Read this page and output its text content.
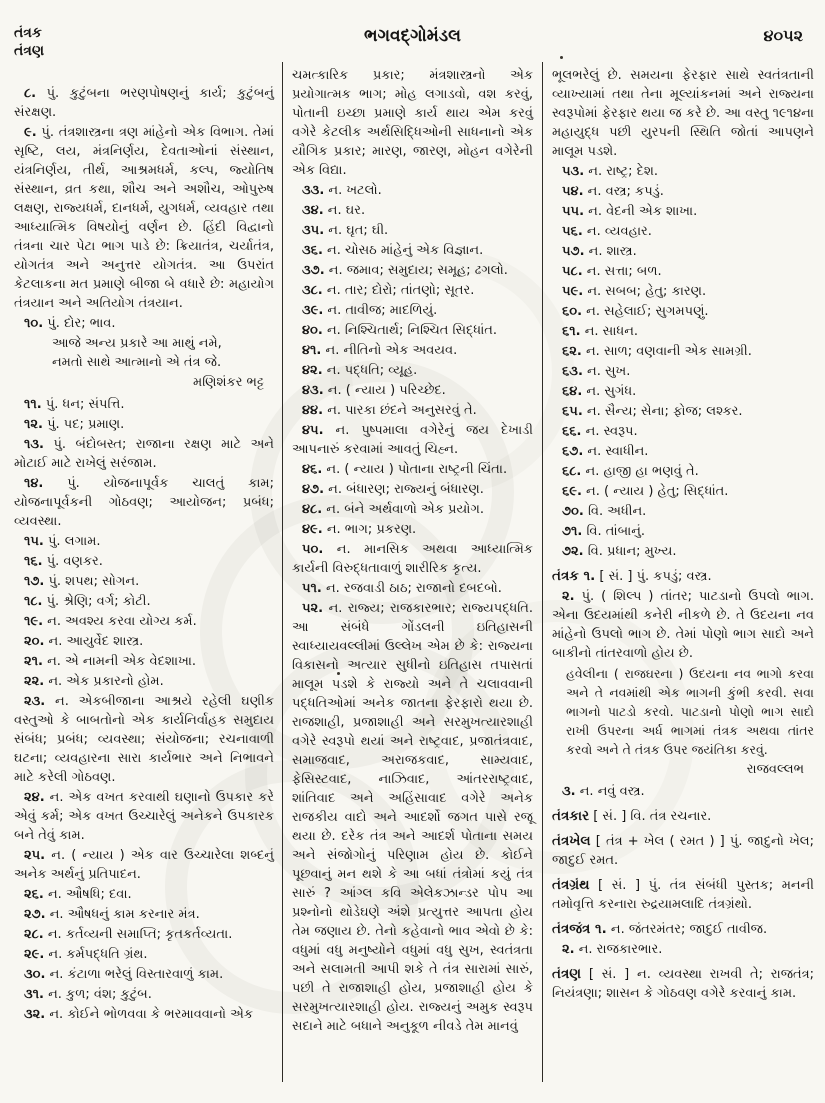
તંત્રક
તંત્રણ
ભગવદ્ગોમંડલ	૪૦૫૨

૮. પું. કુટુંબના ભરણપોષણનું કાર્ય; કુટુંબનું સંરક્ષણ.

૯. પું. તંત્રશાસ્ત્રના ત્રણ માંહેનો એક વિભાગ. તેમાં સૃષ્ટિ, લય, મંત્રનિર્ણય, દેવતાઓનાં સંસ્થાન, યંત્રનિર્ણય, તીર્થ, આશ્રમધર્મ, કલ્પ, જ્યોતિષ સંસ્થાન, વ્રત કથા, શૌચ અને અશૌચ, ઓપુરુષ લક્ષણ, રાજ્યધર્મ, દાનધર્મ, યુગધર્મ, વ્યવહાર તથા આધ્યાત્મિક વિષયોનું વર્ણન છે. હિંદી વિદ્વાનો તંત્રના ચાર પેટા ભાગ પાડે છે: ક્રિયાતંત્ર, ચર્યાતંત્ર, યોગતંત્ર અને અનુત્તર યોગતંત્ર. આ ઉપરાંત કેટલાકના મત પ્રમાણે બીજા બે વધારે છે: મહાયોગ તંત્રયાન અને અતિયોગ તંત્રયાન.

૧૦. પું. દોર; ભાવ.

આજે અન્ય પ્રકારે આ માથું નમે,
નમતો સાથે આત્માનો એ તંત્ર જે.

મણિશંકર ભટ્ટ

૧૧. પું. ધન; સંપત્તિ.

૧૨. પું. પદ; પ્રમાણ.

૧૩. પું. બંદોબસ્ત; રાજાના રક્ષણ માટે અને મોટાઈ માટે રાખેલું સરંજામ.

૧૪. પું. યોજનાપૂર્વક ચાલતું કામ; યોજનાપૂર્વકની ગોઠવણ; આયોજન; પ્રબંધ; વ્યવસ્થા.

૧૫. પું. લગામ.

૧૬. પું. વણકર.

૧૭. પું. શપથ; સોગન.

૧૮. પું. શ્રેણિ; વર્ગ; કોટી.

૧૯. ન. અવશ્ય કરવા યોગ્ય કર્મ.

૨૦. ન. આયુર્વેદ શાસ્ત્ર.

૨૧. ન. એ નામની એક વેદશાખા.

૨૨. ન. એક પ્રકારનો હોમ.

૨૩. ન. એકબીજાના આશ્રયે રહેલી ઘણીક વસ્તુઓ કે બાબતોનો એક કાર્યનિર્વાહક સમુદાય સંબંધ; પ્રબંધ; વ્યવસ્થા; સંયોજના; રચનાવાળી ઘટના; વ્યવહારના સારા કાર્યભાર અને નિભાવને માટે કરેલી ગોઠવણ.

૨૪. ન. એક વખત કરવાથી ઘણાનો ઉપકાર કરે એવું કર્મ; એક વખત ઉચ્ચારેલું અનેકને ઉપકારક બને તેવું કામ.

૨૫. ન. ( ન્યાય ) એક વાર ઉચ્ચારેલા શબ્દનું અનેક અર્થનું પ્રતિપાદન.

૨૬. ન. ઔષધિ; દવા.

૨૭. ન. ઔષધનું કામ કરનાર મંત્ર.

૨૮. ન. કર્તવ્યની સમાપ્તિ; કૃતકર્તવ્યતા.

૨૯. ન. કર્મપદ્ધતિ ગ્રંથ.

૩૦. ન. કંટાળા ભરેલું વિસ્તારવાળું કામ.

૩૧. ન. કુળ; વંશ; કુટુંબ.

૩૨. ન. કોઈને ભોળવવા કે ભરમાવવાનો એક

ચમત્કારિક પ્રકાર; મંત્રશાસ્ત્રનો એક પ્રયોગાત્મક ભાગ; મોહ લગાડવો, વશ કરવું, પોતાની ઇચ્છા પ્રમાણે કાર્ય થાય એમ કરવું વગેરે કેટલીક અર્થસિદ્ધિઓની સાધનાનો એક યૌગિક પ્રકાર; મારણ, જારણ, મોહન વગેરેની એક વિદ્યા.

૩૩. ન. ખટલો.

૩૪. ન. ઘર.

૩૫. ન. ઘૃત; ઘી.

૩૬. ન. ચોસઠ માંહેનું એક વિજ્ઞાન.

૩૭. ન. જમાવ; સમુદાય; સમૂહ; ઢગલો.

૩૮. ન. તાર; દોરો; તાંતણો; સૂતર.

૩૯. ન. તાવીજ; માદળિયું.

૪૦. ન. નિશ્ચિતાર્થ; નિશ્ચિત સિદ્ધાંત.

૪૧. ન. નીતિનો એક અવયવ.

૪૨. ન. પદ્ધતિ; વ્યૂહ.

૪૩. ન. ( ન્યાય ) પરિચ્છેદ.

૪૪. ન. પારકા છંદને અનુસરવું તે.

૪૫. ન. પુષ્પમાલા વગેરેનું જય દેખાડી આપનારું કરવામાં આવતું ચિહ્ન.

૪૬. ન. ( ન્યાય ) પોતાના રાષ્ટ્રની ચિંતા.

૪૭. ન. બંધારણ; રાજ્યનું બંધારણ.

૪૮. ન. બંને અર્થવાળો એક પ્રયોગ.

૪૯. ન. ભાગ; પ્રકરણ.

૫૦. ન. માનસિક અથવા આધ્યાત્મિક કાર્યની વિરુદ્ધતાવાળું શારીરિક કૃત્ય.

૫૧. ન. રજવાડી ઠાઠ; રાજાનો દબદબો.

૫૨. ન. રાજ્ય; રાજકારભાર; રાજ્યપદ્ધતિ. આ સંબંધે ગોંડલની ઇતિહાસની સ્વાધ્યાયવલ્લીમાં ઉલ્લેખ એમ છે કે: રાજ્યના વિકાસનો અત્યાર સુધીનો ઇતિહાસ તપાસતાં માલૂમ પડશે કે રાજ્યો અને તે ચલાવવાની પદ્ધતિઓમાં અનેક જાતના ફેરફારો થયા છે. રાજશાહી, પ્રજાશાહી અને સરમુખત્યારશાહી વગેરે સ્વરૂપો થયાં અને રાષ્ટ્રવાદ, પ્રજાતંત્રવાદ, સમાજવાદ, અરાજકવાદ, સામ્યવાદ, ફેસિસ્ટવાદ, નાઝિવાદ, આંતરરાષ્ટ્રવાદ, શાંતિવાદ અને અહિંસાવાદ વગેરે અનેક રાજકીય વાદો અને આદર્શો જગત પાસે રજૂ થયા છે. દરેક તંત્ર અને આદર્શ પોતાના સમય અને સંજોગોનું પરિણામ હોય છે. કોઈને પૂછવાનું મન થશે કે આ બધાં તંત્રોમાં કયું તંત્ર સારું ? આંગ્લ કવિ એલેકઝાન્ડર પોપ આ પ્રશ્નોનો થોડેઘણે અંશે પ્રત્યુત્તર આપતા હોય તેમ જણાય છે. તેનો કહેવાનો ભાવ એવો છે કે: વધુમાં વધુ મનુષ્યોને વધુમાં વધુ સુખ, સ્વતંત્રતા અને સલામતી આપી શકે તે તંત્ર સારામાં સારું, પછી તે રાજાશાહી હોય, પ્રજાશાહી હોય કે સરમુખત્યારશાહી હોય. રાજ્યનું અમુક સ્વરૂપ સદાને માટે બધાને અનુકૂળ નીવડે તેમ માનવું

ભૂલભરેલું છે. સમયના ફેરફાર સાથે સ્વતંત્રતાની વ્યાખ્યામાં તથા તેના મૂલ્યાંકનમાં અને રાજ્યના સ્વરૂપોમાં ફેરફાર થયા જ કરે છે. આ વસ્તુ ૧૯૧૪ના મહાયુદ્ધ પછી યુરપની સ્થિતિ જોતાં આપણને માલૂમ પડશે.

૫૩. ન. રાષ્ટ્ર; દેશ.

૫૪. ન. વસ્ત્ર; કપડું.

૫૫. ન. વેદની એક શાખા.

૫૬. ન. વ્યવહાર.

૫૭. ન. શાસ્ત્ર.

૫૮. ન. સત્તા; બળ.

૫૯. ન. સબબ; હેતુ; કારણ.

૬૦. ન. સહેલાઈ; સુગમપણું.

૬૧. ન. સાધન.

૬૨. ન. સાળ; વણવાની એક સામગ્રી.

૬૩. ન. સુખ.

૬૪. ન. સુગંધ.

૬૫. ન. સૈન્ય; સેના; ફોજ; લશ્કર.

૬૬. ન. સ્વરૂપ.

૬૭. ન. સ્વાધીન.

૬૮. ન. હાજી હા ભણવું તે.

૬૯. ન. ( ન્યાય ) હેતુ; સિદ્ધાંત.

૭૦. વિ. અધીન.

૭૧. વિ. તાંબાનું.

૭૨. વિ. પ્રધાન; મુખ્ય.

તંત્રક ૧. [ સં. ] પું. કપડું; વસ્ત્ર.

૨. પું. ( શિલ્પ ) તાંતર; પાટડાનો ઉપલો ભાગ. એના ઉદયમાંથી કનેરી નીકળે છે. તે ઉદયના નવ માંહેનો ઉપલો ભાગ છે. તેમાં પોણો ભાગ સાદો અને બાકીનો તાંતરવાળો હોય છે.

હવેલીના ( રાજઘરના ) ઉદયના નવ ભાગો કરવા અને તે નવમાંથી એક ભાગની કુંભી કરવી. સવા ભાગનો પાટડો કરવો. પાટડાનો પોણો ભાગ સાદો રાખી ઉપરના અર્ધ ભાગમાં તંત્રક અથવા તાંતર કરવો અને તે તંત્રક ઉપર જયંતિકા કરવું.

રાજવલ્લભ

૩. ન. નવું વસ્ત્ર.

તંત્રકાર [ સં. ] વિ. તંત્ર રચનાર.

તંત્રખેલ [ તંત્ર + ખેલ ( રમત ) ] પું. જાદુનો ખેલ; જાદુઈ રમત.

તંત્રગ્રંથ [ સં. ] પું. તંત્ર સંબંધી પુસ્તક; મનની તમોવૃત્તિ કરનારા રુદ્રયામલાદિ તંત્રગ્રંથો.

તંત્રજંત્ર ૧. ન. જંતરમંતર; જાદુઈ તાવીજ.

૨. ન. રાજકારભાર.

તંત્રણ [ સં. ] ન. વ્યવસ્થા રાખવી તે; રાજતંત્ર; નિયંત્રણા; શાસન કે ગોઠવણ વગેરે કરવાનું કામ.
